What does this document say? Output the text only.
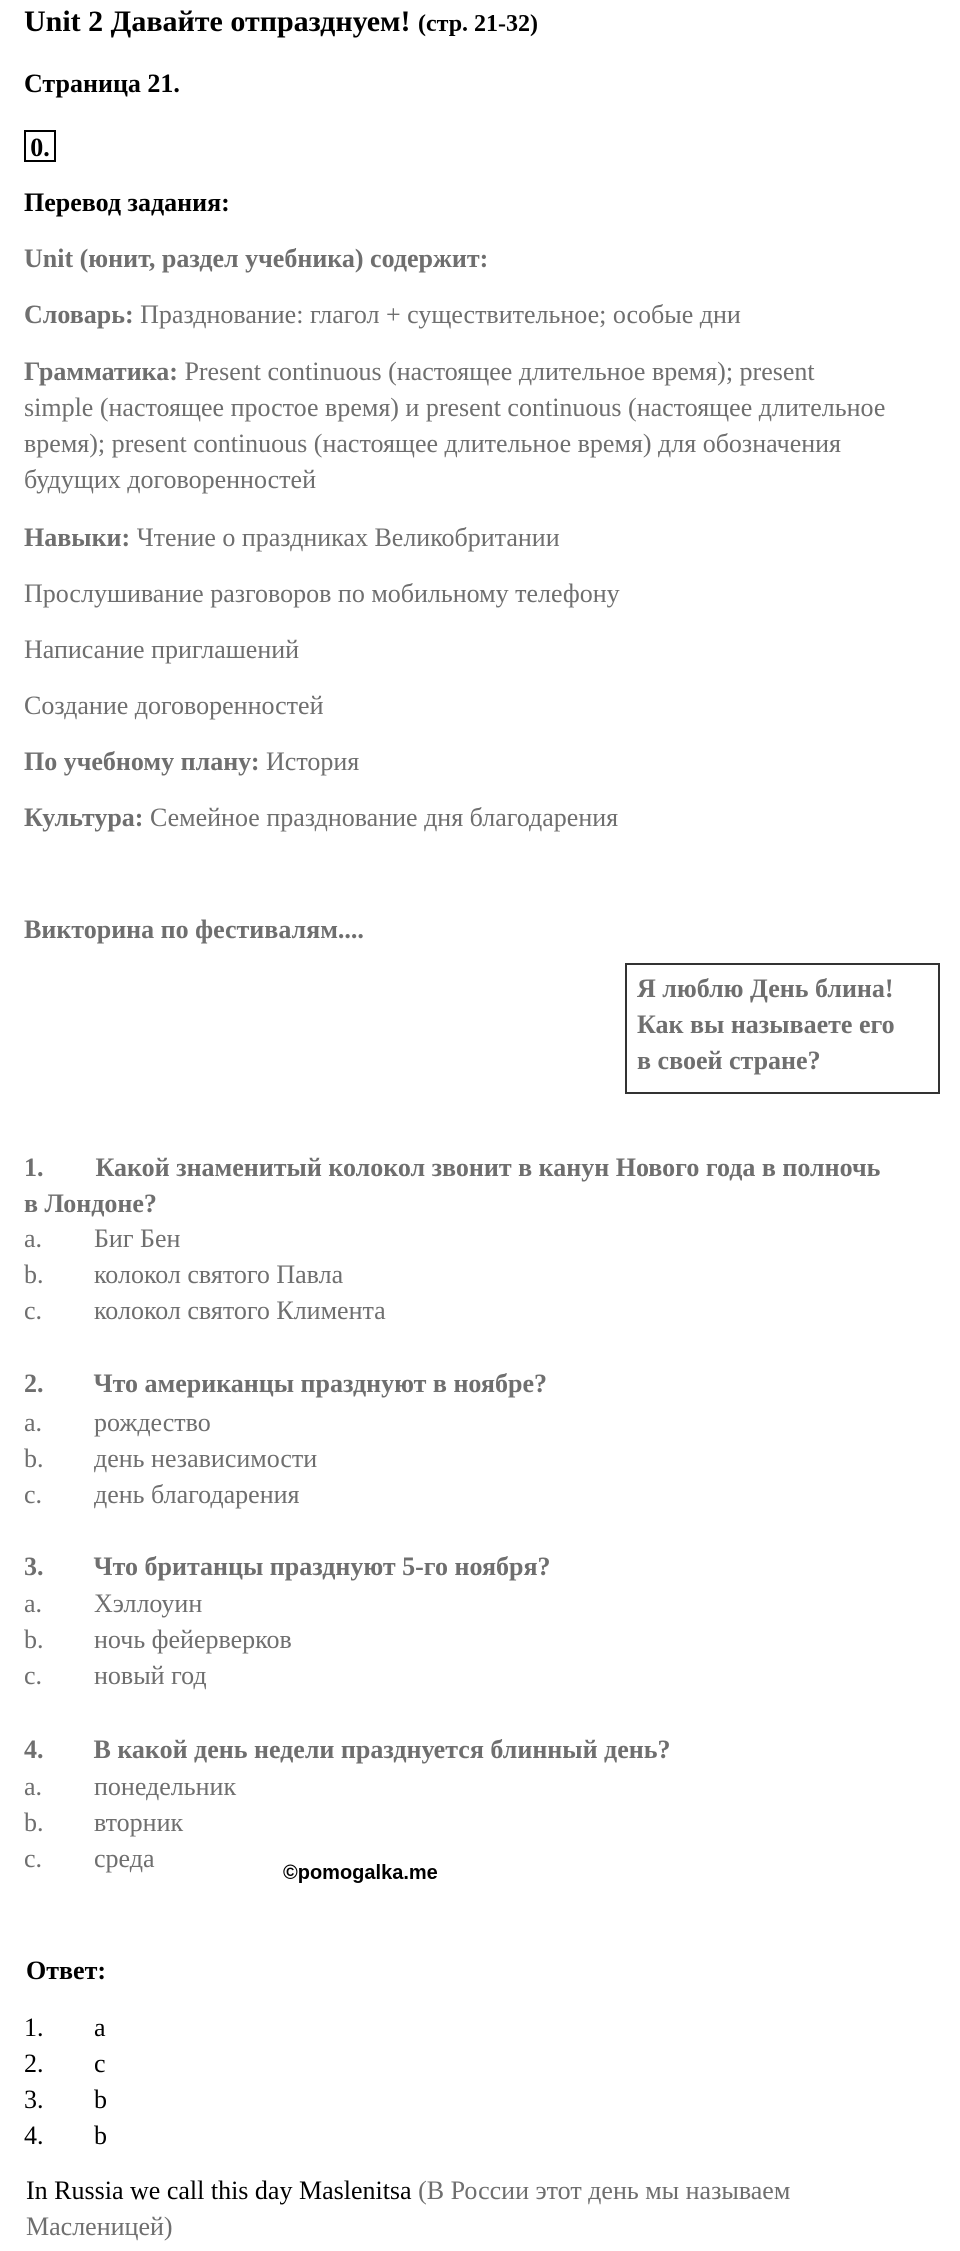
Unit 2 Давайте отпразднуем! (стр. 21-32)
Страница 21.
0.
Перевод задания:
Unit (юнит, раздел учебника) содержит:
Словарь: Празднование: глагол + существительное; особые дни
Грамматика: Present continuous (настоящее длительное время); present
simple (настоящее простое время) и present continuous (настоящее длительное
время); present continuous (настоящее длительное время) для обозначения
будущих договоренностей
Навыки: Чтение о праздниках Великобритании
Прослушивание разговоров по мобильному телефону
Написание приглашений
Создание договоренностей
По учебному плану: История
Культура: Семейное празднование дня благодарения
Викторина по фестивалям....
Я люблю День блина!
Как вы называете его
в своей стране?
1. Какой знаменитый колокол звонит в канун Нового года в полночь
в Лондоне?
a. Биг Бен
b. колокол святого Павла
c. колокол святого Климента
2. Что американцы празднуют в ноябре?
a. рождество
b. день независимости
c. день благодарения
3. Что британцы празднуют 5-го ноября?
a. Хэллоуин
b. ночь фейерверков
c. новый год
4. В какой день недели празднуется блинный день?
a. понедельник
b. вторник
c. среда	©pomogalka.me
Ответ:
1. a
2. c
3. b
4. b
In Russia we call this day Maslenitsa (В России этот день мы называем
Масленицей)
